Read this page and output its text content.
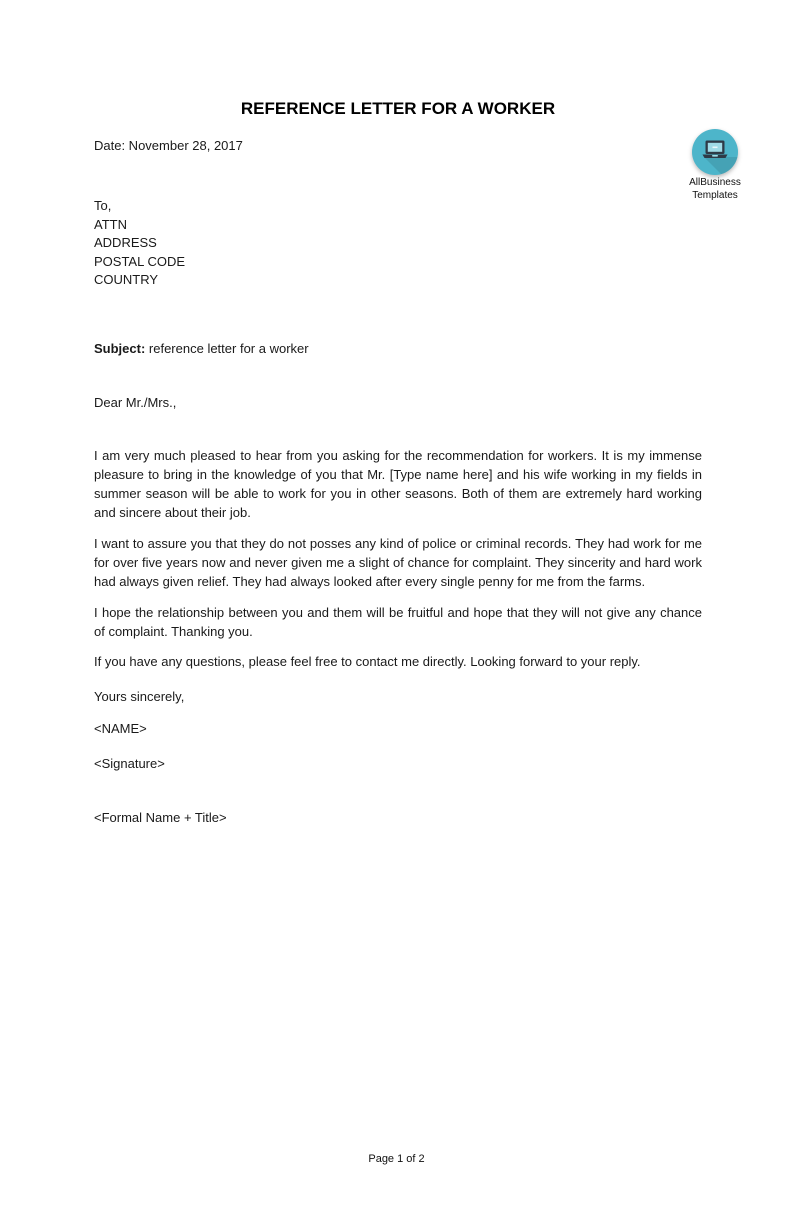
AllBusiness
Templates
REFERENCE LETTER FOR A WORKER
Date: November 28, 2017
To,
ATTN
ADDRESS
POSTAL CODE
COUNTRY
Subject: reference letter for a worker
Dear Mr./Mrs.,

I am very much pleased to hear from you asking for the recommendation for workers. It is my immense pleasure to bring in the knowledge of you that Mr. [Type name here] and his wife working in my fields in summer season will be able to work for you in other seasons. Both of them are extremely hard working and sincere about their job.

I want to assure you that they do not posses any kind of police or criminal records. They had work for me for over five years now and never given me a slight of chance for complaint. They sincerity and hard work had always given relief. They had always looked after every single penny for me from the farms.

I hope the relationship between you and them will be fruitful and hope that they will not give any chance of complaint. Thanking you.

If you have any questions, please feel free to contact me directly. Looking forward to your reply.

Yours sincerely,
<NAME>
<Signature>
<Formal Name + Title>
Page 1 of 2
